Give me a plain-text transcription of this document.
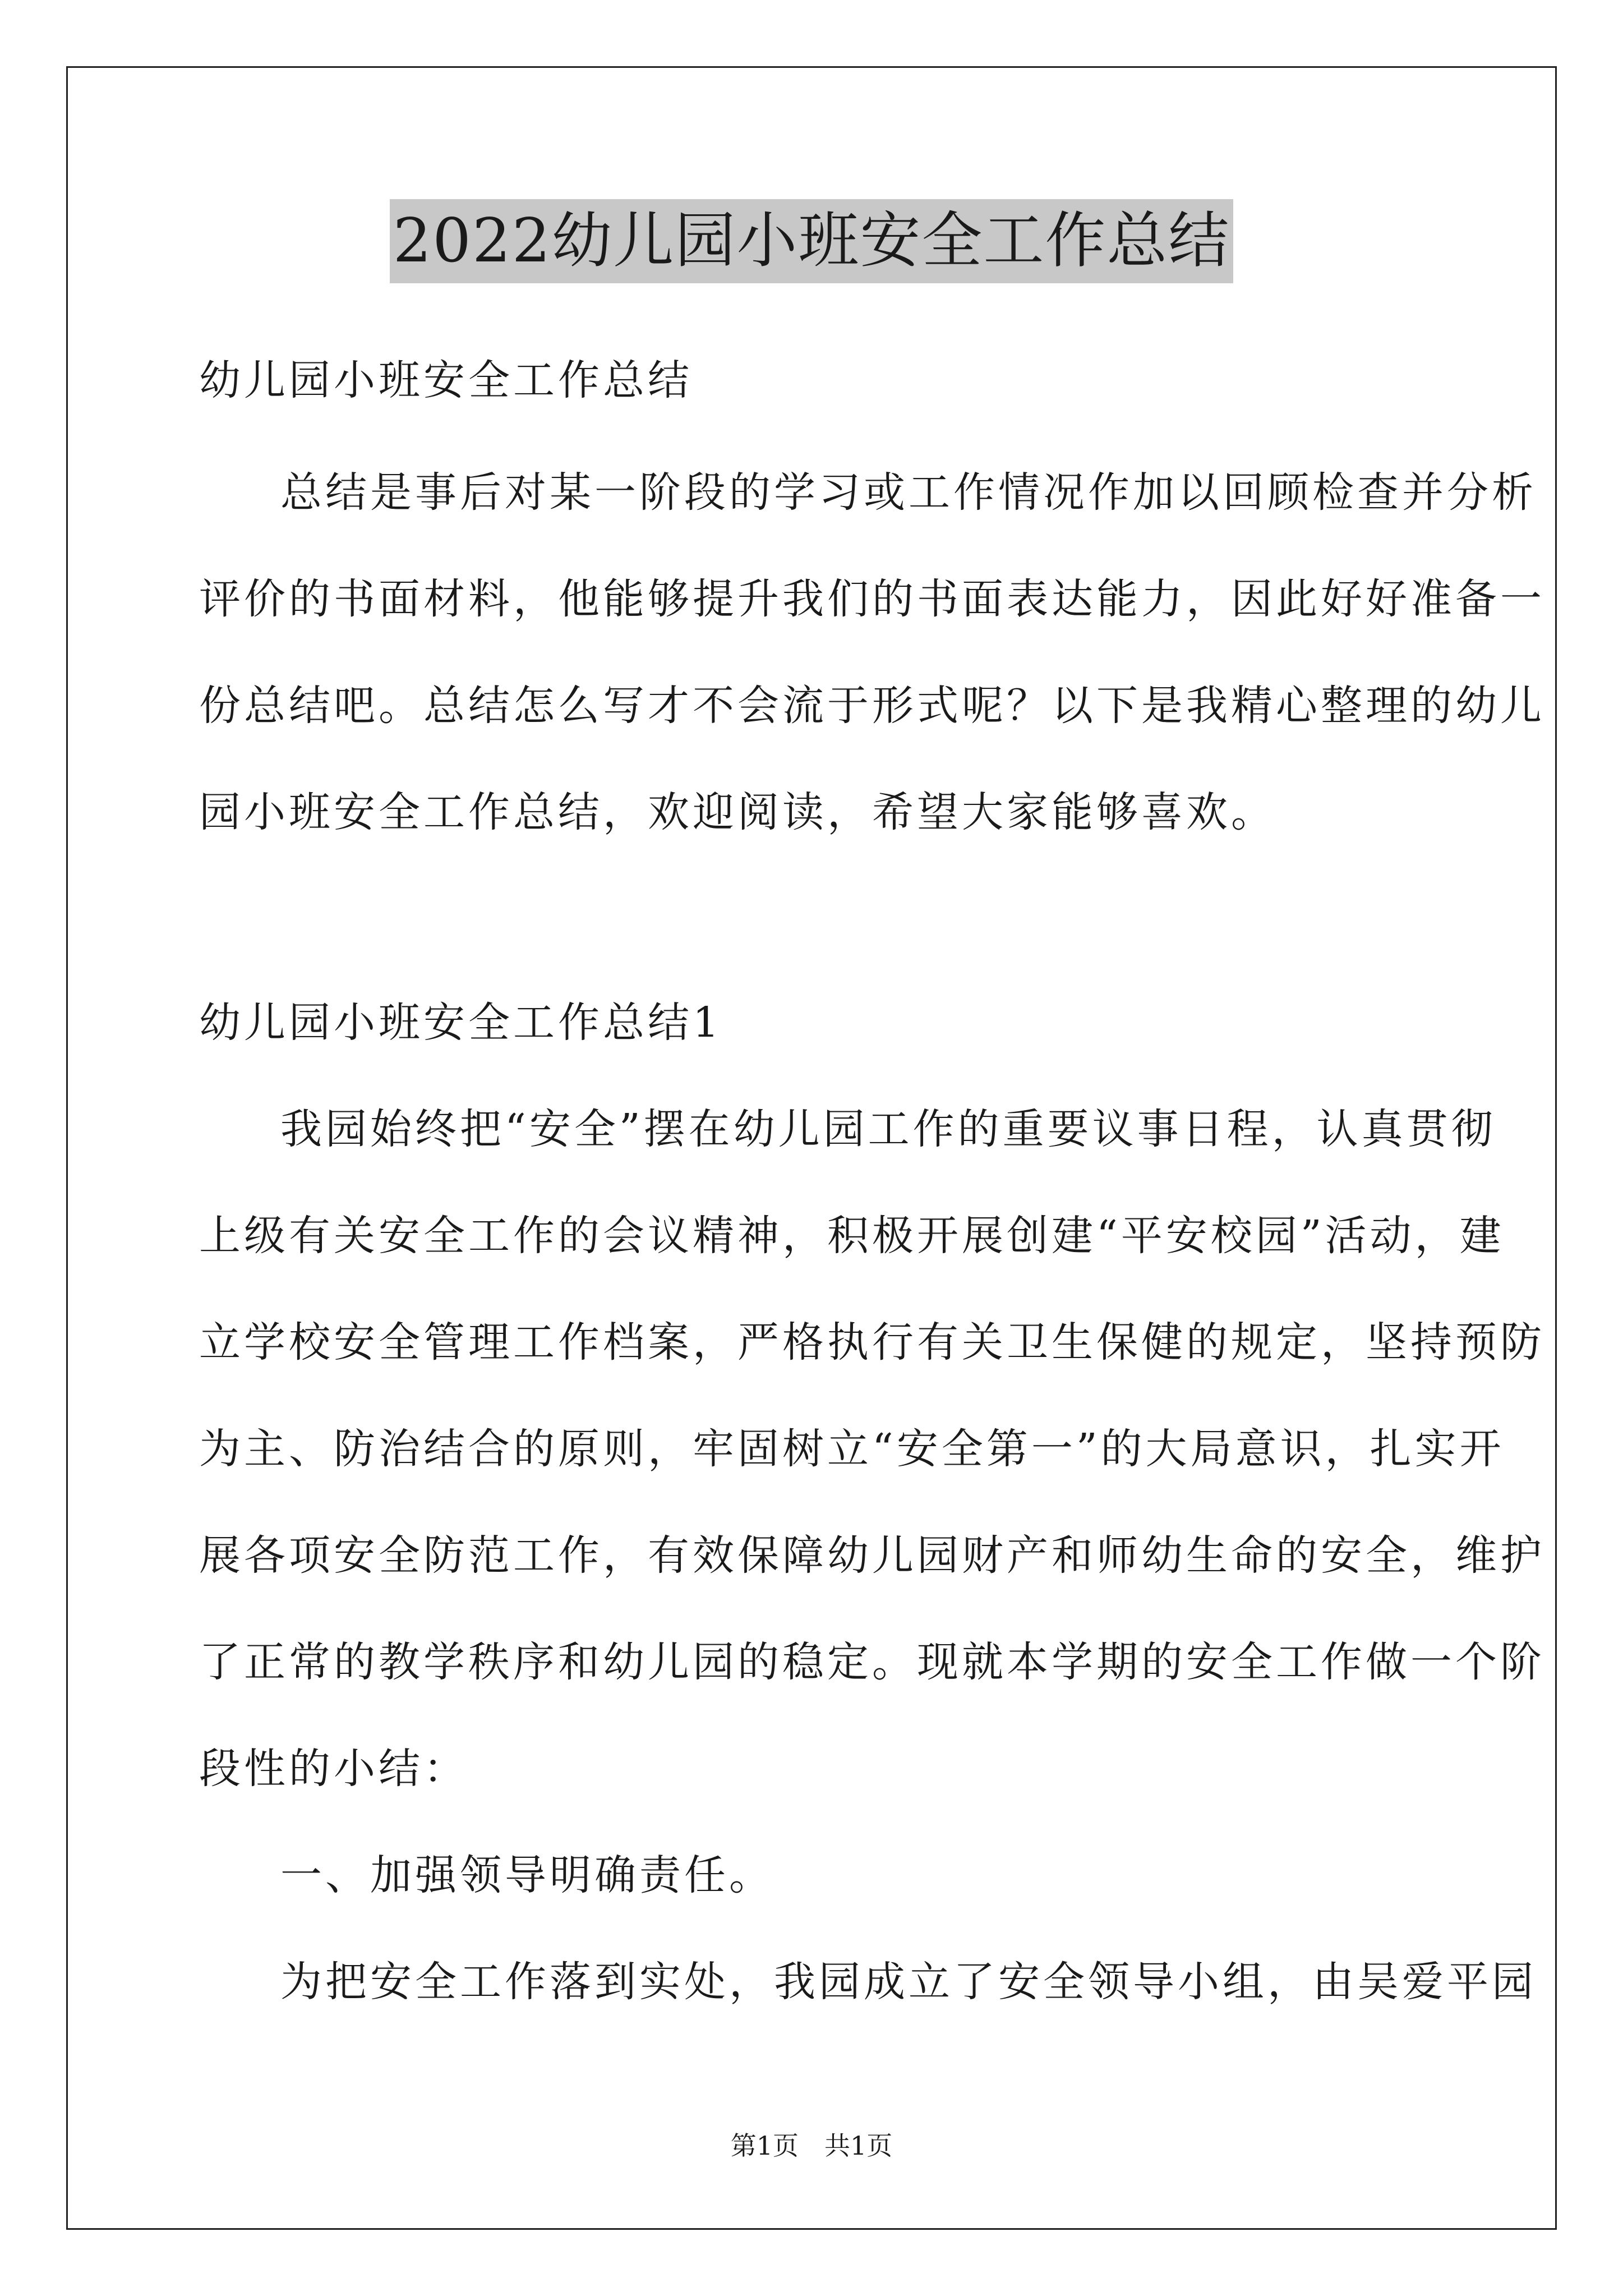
2022幼儿园小班安全工作总结
幼儿园小班安全工作总结
总结是事后对某一阶段的学习或工作情况作加以回顾检查并分析
评价的书面材料，他能够提升我们的书面表达能力，因此好好准备一
份总结吧。总结怎么写才不会流于形式呢？以下是我精心整理的幼儿
园小班安全工作总结，欢迎阅读，希望大家能够喜欢。
幼儿园小班安全工作总结1
我园始终把“安全”摆在幼儿园工作的重要议事日程，认真贯彻
上级有关安全工作的会议精神，积极开展创建“平安校园”活动，建
立学校安全管理工作档案，严格执行有关卫生保健的规定，坚持预防
为主、防治结合的原则，牢固树立“安全第一”的大局意识，扎实开
展各项安全防范工作，有效保障幼儿园财产和师幼生命的安全，维护
了正常的教学秩序和幼儿园的稳定。现就本学期的安全工作做一个阶
段性的小结：
一、加强领导明确责任。
为把安全工作落到实处，我园成立了安全领导小组，由吴爱平园
第1页　共1页
